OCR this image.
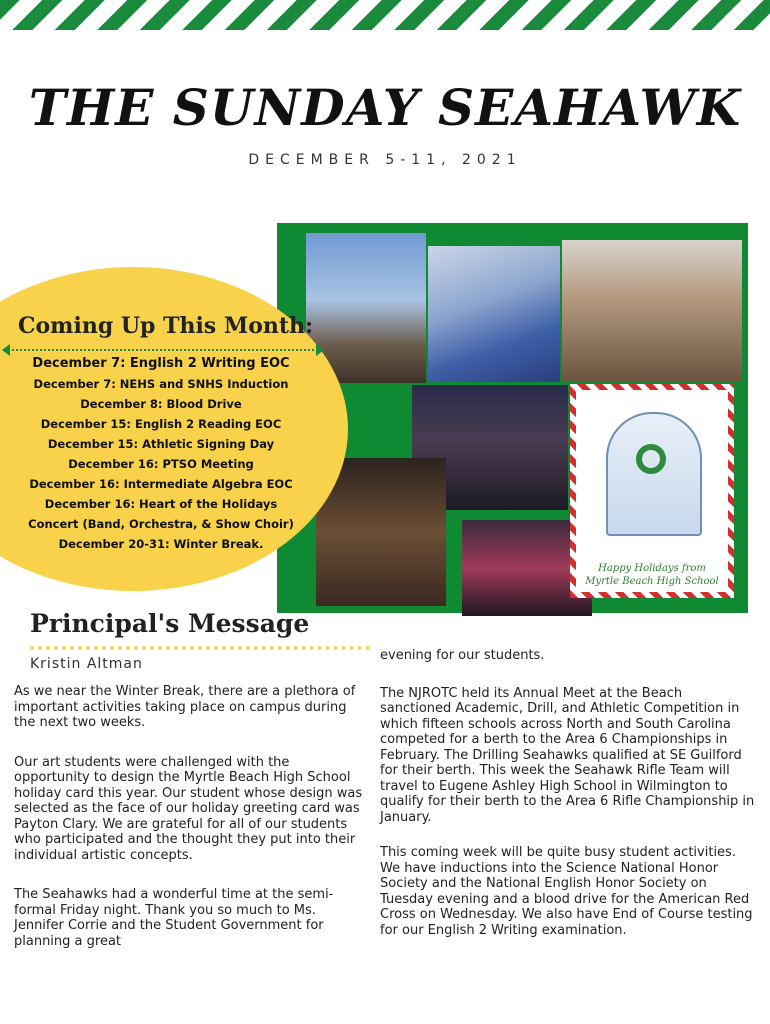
THE SUNDAY SEAHAWK
DECEMBER 5-11, 2021
Happy Holidays from
Myrtle Beach High School
Coming Up This Month:
December 7: English 2 Writing EOC
December 7: NEHS and SNHS Induction
December 8: Blood Drive
December 15: English 2 Reading EOC
December 15: Athletic Signing Day
December 16: PTSO Meeting
December 16: Intermediate Algebra EOC
December 16: Heart of the Holidays
Concert (Band, Orchestra, & Show Choir)
December 20-31: Winter Break.
Principal's Message
Kristin Altman

As we near the Winter Break, there are a plethora of important activities taking place on campus during the next two weeks.

Our art students were challenged with the opportunity to design the Myrtle Beach High School holiday card this year. Our student whose design was selected as the face of our holiday greeting card was Payton Clary. We are grateful for all of our students who participated and the thought they put into their individual artistic concepts.

The Seahawks had a wonderful time at the semi-formal Friday night. Thank you so much to Ms. Jennifer Corrie and the Student Government for planning a great

evening for our students.

The NJROTC held its Annual Meet at the Beach sanctioned Academic, Drill, and Athletic Competition in which fifteen schools across North and South Carolina competed for a berth to the Area 6 Championships in February. The Drilling Seahawks qualified at SE Guilford for their berth. This week the Seahawk Rifle Team will travel to Eugene Ashley High School in Wilmington to qualify for their berth to the Area 6 Rifle Championship in January.

This coming week will be quite busy student activities. We have inductions into the Science National Honor Society and the National English Honor Society on Tuesday evening and a blood drive for the American Red Cross on Wednesday. We also have End of Course testing for our English 2 Writing examination.
